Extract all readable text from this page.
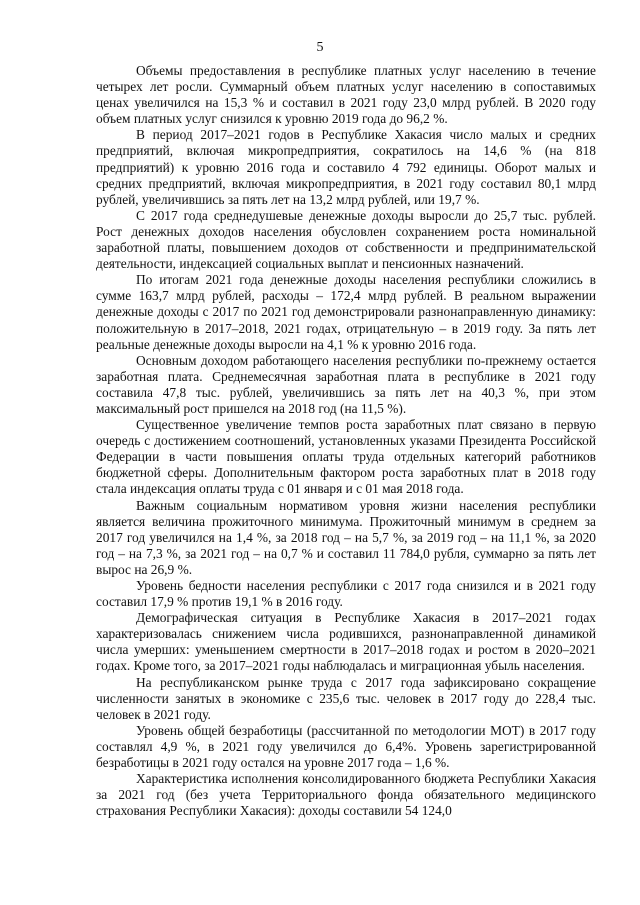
5

Объемы предоставления в республике платных услуг населению в течение четырех лет росли. Суммарный объем платных услуг населению в сопоставимых ценах увеличился на 15,3 % и составил в 2021 году 23,0 млрд рублей. В 2020 году объем платных услуг снизился к уровню 2019 года до 96,2 %.

В период 2017–2021 годов в Республике Хакасия число малых и средних предприятий, включая микропредприятия, сократилось на 14,6 % (на 818 предприятий) к уровню 2016 года и составило 4 792 единицы. Оборот малых и средних предприятий, включая микропредприятия, в 2021 году составил 80,1 млрд рублей, увеличившись за пять лет на 13,2 млрд рублей, или 19,7 %.

С 2017 года среднедушевые денежные доходы выросли до 25,7 тыс. рублей. Рост денежных доходов населения обусловлен сохранением роста номинальной заработной платы, повышением доходов от собственности и предпринимательской деятельности, индексацией социальных выплат и пенсионных назначений.

По итогам 2021 года денежные доходы населения республики сложились в сумме 163,7 млрд рублей, расходы – 172,4 млрд рублей. В реальном выражении денежные доходы с 2017 по 2021 год демонстрировали разнонаправленную динамику: положительную в 2017–2018, 2021 годах, отрицательную – в 2019 году. За пять лет реальные денежные доходы выросли на 4,1 % к уровню 2016 года.

Основным доходом работающего населения республики по-прежнему остается заработная плата. Среднемесячная заработная плата в республике в 2021 году составила 47,8 тыс. рублей, увеличившись за пять лет на 40,3 %, при этом максимальный рост пришелся на 2018 год (на 11,5 %).

Существенное увеличение темпов роста заработных плат связано в первую очередь с достижением соотношений, установленных указами Президента Российской Федерации в части повышения оплаты труда отдельных категорий работников бюджетной сферы. Дополнительным фактором роста заработных плат в 2018 году стала индексация оплаты труда с 01 января и с 01 мая 2018 года.

Важным социальным нормативом уровня жизни населения республики является величина прожиточного минимума. Прожиточный минимум в среднем за 2017 год увеличился на 1,4 %, за 2018 год – на 5,7 %, за 2019 год – на 11,1 %, за 2020 год – на 7,3 %, за 2021 год – на 0,7 % и составил 11 784,0 рубля, суммарно за пять лет вырос на 26,9 %.

Уровень бедности населения республики с 2017 года снизился и в 2021 году составил 17,9 % против 19,1 % в 2016 году.

Демографическая ситуация в Республике Хакасия в 2017–2021 годах характеризовалась снижением числа родившихся, разнонаправленной динамикой числа умерших: уменьшением смертности в 2017–2018 годах и ростом в 2020–2021 годах. Кроме того, за 2017–2021 годы наблюдалась и миграционная убыль населения.

На республиканском рынке труда с 2017 года зафиксировано сокращение численности занятых в экономике с 235,6 тыс. человек в 2017 году до 228,4 тыс. человек в 2021 году.

Уровень общей безработицы (рассчитанной по методологии МОТ) в 2017 году составлял 4,9 %, в 2021 году увеличился до 6,4%. Уровень зарегистрированной безработицы в 2021 году остался на уровне 2017 года – 1,6 %.

Характеристика исполнения консолидированного бюджета Республики Хакасия за 2021 год (без учета Территориального фонда обязательного медицинского страхования Республики Хакасия): доходы составили 54 124,0
